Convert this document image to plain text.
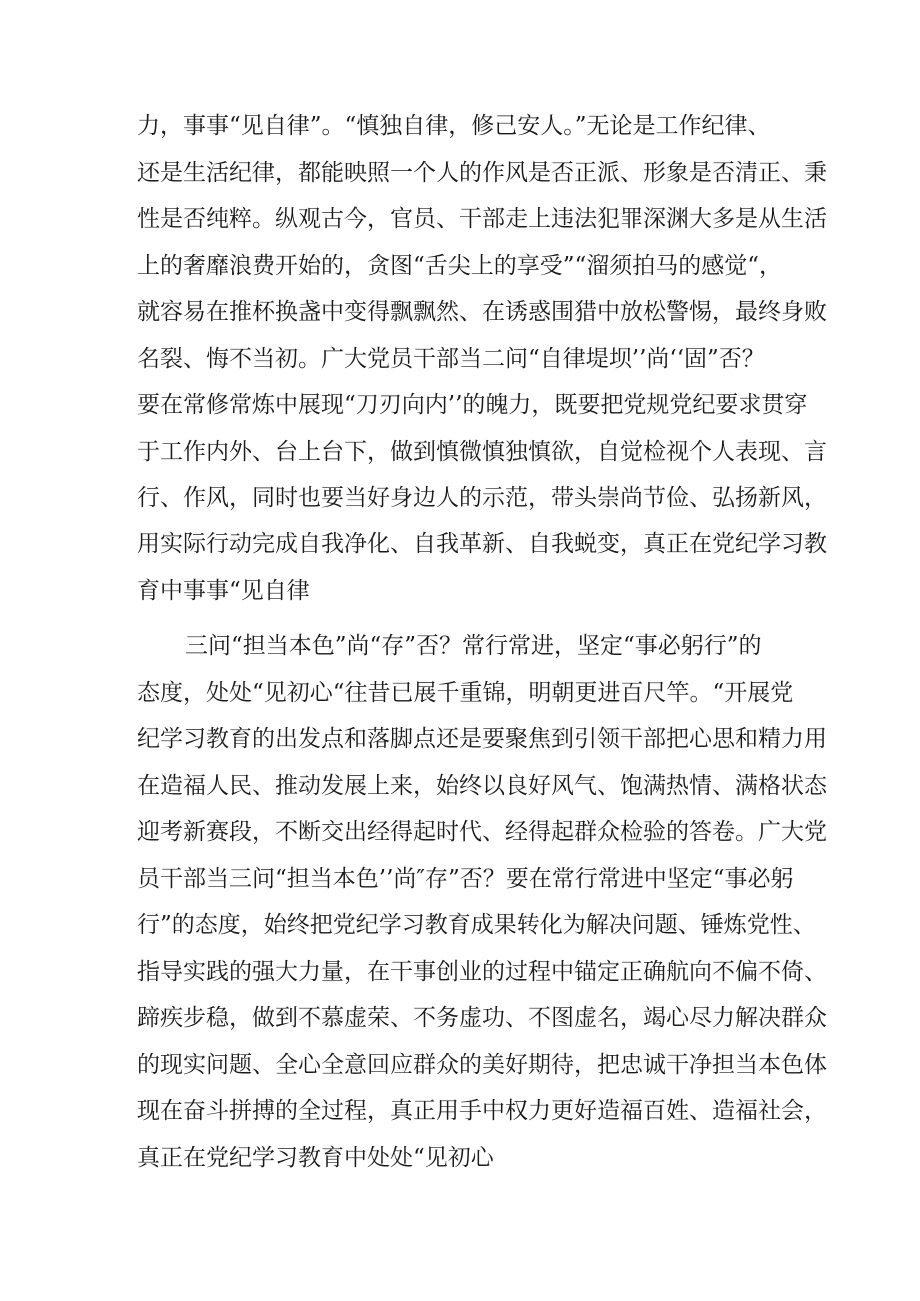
力，事事“见自律”。“慎独自律，修己安人。”无论是工作纪律、

还是生活纪律，都能映照一个人的作风是否正派、形象是否清正、秉

性是否纯粹。纵观古今，官员、干部走上违法犯罪深渊大多是从生活

上的奢靡浪费开始的，贪图“舌尖上的享受”“溜须拍马的感觉“，

就容易在推杯换盏中变得飘飘然、在诱惑围猎中放松警惕，最终身败

名裂、悔不当初。广大党员干部当二问“自律堤坝’’尚‘‘固”否？

要在常修常炼中展现“刀刃向内’’的魄力，既要把党规党纪要求贯穿

于工作内外、台上台下，做到慎微慎独慎欲，自觉检视个人表现、言

行、作风，同时也要当好身边人的示范，带头崇尚节俭、弘扬新风，

用实际行动完成自我净化、自我革新、自我蜕变，真正在党纪学习教

育中事事“见自律

三问“担当本色”尚“存”否？常行常进，坚定“事必躬行”的

态度，处处“见初心“往昔已展千重锦，明朝更进百尺竿。“开展党

纪学习教育的出发点和落脚点还是要聚焦到引领干部把心思和精力用

在造福人民、推动发展上来，始终以良好风气、饱满热情、满格状态

迎考新赛段，不断交出经得起时代、经得起群众检验的答卷。广大党

员干部当三问“担当本色’’尚″存”否？要在常行常进中坚定“事必躬

行”的态度，始终把党纪学习教育成果转化为解决问题、锤炼党性、

指导实践的强大力量，在干事创业的过程中锚定正确航向不偏不倚、

蹄疾步稳，做到不慕虚荣、不务虚功、不图虚名，竭心尽力解决群众

的现实问题、全心全意回应群众的美好期待，把忠诚干净担当本色体

现在奋斗拼搏的全过程，真正用手中权力更好造福百姓、造福社会，

真正在党纪学习教育中处处“见初心
